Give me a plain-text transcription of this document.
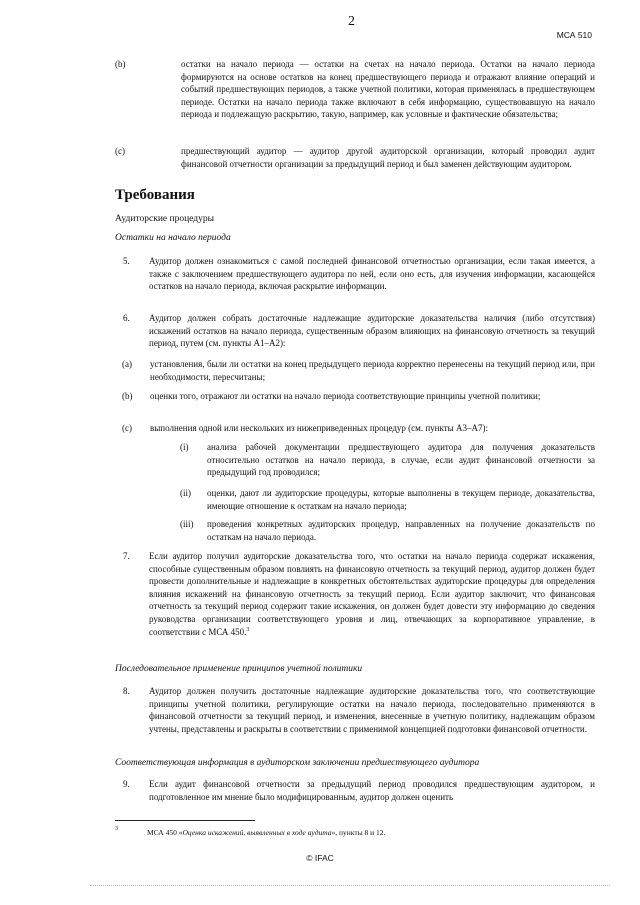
2
МСА 510
(b)	остатки на начало периода — остатки на счетах на начало периода. Остатки на начало периода формируются на основе остатков на конец предшествующего периода и отражают влияние операций и событий предшествующих периодов, а также учетной политики, которая применялась в предшествующем периоде. Остатки на начало периода также включают в себя информацию, существовавшую на начало периода и подлежащую раскрытию, такую, например, как условные и фактические обязательства;
(c)	предшествующий аудитор — аудитор другой аудиторской организации, который проводил аудит финансовой отчетности организации за предыдущий период и был заменен действующим аудитором.
Требования
Аудиторские процедуры
Остатки на начало периода
5. Аудитор должен ознакомиться с самой последней финансовой отчетностью организации, если такая имеется, а также с заключением предшествующего аудитора по ней, если оно есть, для изучения информации, касающейся остатков на начало периода, включая раскрытие информации.
6. Аудитор должен собрать достаточные надлежащие аудиторские доказательства наличия (либо отсутствия) искажений остатков на начало периода, существенным образом влияющих на финансовую отчетность за текущий период, путем (см. пункты A1–A2):
(a) установления, были ли остатки на конец предыдущего периода корректно перенесены на текущий период или, при необходимости, пересчитаны;
(b) оценки того, отражают ли остатки на начало периода соответствующие принципы учетной политики;
(c) выполнения одной или нескольких из нижеприведенных процедур (см. пункты A3–A7):
(i) анализа рабочей документации предшествующего аудитора для получения доказательств относительно остатков на начало периода, в случае, если аудит финансовой отчетности за предыдущий год проводился;
(ii) оценки, дают ли аудиторские процедуры, которые выполнены в текущем периоде, доказательства, имеющие отношение к остаткам на начало периода;
(iii) проведения конкретных аудиторских процедур, направленных на получение доказательств по остаткам на начало периода.
7. Если аудитор получил аудиторские доказательства того, что остатки на начало периода содержат искажения, способные существенным образом повлиять на финансовую отчетность за текущий период, аудитор должен будет провести дополнительные и надлежащие в конкретных обстоятельствах аудиторские процедуры для определения влияния искажений на финансовую отчетность за текущий период. Если аудитор заключит, что финансовая отчетность за текущий период содержит такие искажения, он должен будет довести эту информацию до сведения руководства организации соответствующего уровня и лиц, отвечающих за корпоративное управление, в соответствии с МСА 450.$^3$
Последовательное применение принципов учетной политики
8. Аудитор должен получить достаточные надлежащие аудиторские доказательства того, что соответствующие принципы учетной политики, регулирующие остатки на начало периода, последовательно применяются в финансовой отчетности за текущий период, и изменения, внесенные в учетную политику, надлежащим образом учтены, представлены и раскрыты в соответствии с применимой концепцией подготовки финансовой отчетности.
Соответствующая информация в аудиторском заключении предшествующего аудитора
9. Если аудит финансовой отчетности за предыдущий период проводился предшествующим аудитором, и подготовленное им мнение было модифицированным, аудитор должен оценить
3	МСА 450 «Оценка искажений, выявленных в ходе аудита», пункты 8 и 12.
© IFAC
